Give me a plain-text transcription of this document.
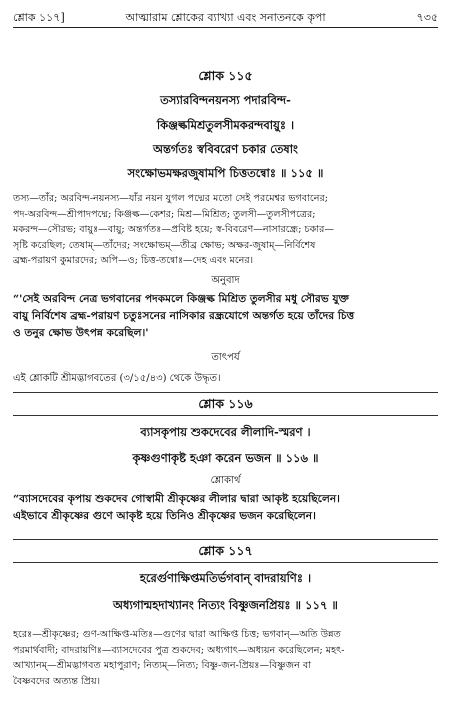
শ্লোক ১১৭]	আত্মারাম শ্লোকের ব্যাখ্যা এবং সনাতনকে কৃপা	৭৩৫
শ্লোক ১১৫
তস্যারবিন্দনয়নস্য পদারবিন্দ-
কিঞ্জল্কমিশ্রতুলসীমকরন্দবায়ুঃ ।
অন্তর্গতঃ স্ববিবরেণ চকার তেষাং
সংক্ষোভমক্ষরজুষামপি চিত্ততন্বোঃ ॥ ১১৫ ॥
তস্য—তাঁর; অরবিন্দ-নয়নস্য—যাঁর নয়ন যুগল পদ্মের মতো সেই পরমেশ্বর ভগবানের;
পদ-অরবিন্দ—শ্রীপাদপদ্মে; কিঞ্জল্ক—কেশর; মিশ্র—মিশ্রিত; তুলসী—তুলসীপত্রের;
মকরন্দ—সৌরভ; বায়ুঃ—বায়ু; অন্তর্গতঃ—প্রবিষ্ট হয়ে; স্ব-বিবরেণ—নাসারন্ধ্রে; চকার—
সৃষ্টি করেছিল; তেষাম্—তাঁদের; সংক্ষোভম্—তীব্র ক্ষোভ; অক্ষর-জুষাম্—নির্বিশেষ
ব্রহ্ম-পরায়ণ কুমারদের; অপি—ও; চিত্ত-তন্বোঃ—দেহ এবং মনের।
অনুবাদ
“'সেই অরবিন্দ নেত্র ভগবানের পদকমলে কিঞ্জল্ক মিশ্রিত তুলসীর মধু সৌরভ যুক্ত
বায়ু নির্বিশেষ ব্রহ্ম-পরায়ণ চতুঃসনের নাসিকার রন্ধ্রযোগে অন্তর্গত হয়ে তাঁদের চিত্ত
ও তনুর ক্ষোভ উৎপন্ন করেছিল।'
তাৎপর্য
এই শ্লোকটি শ্রীমদ্ভাগবতের (৩/১৫/৪৩) থেকে উদ্ধৃত।
শ্লোক ১১৬
ব্যাসকৃপায় শুকদেবের লীলাদি-স্মরণ ।
কৃষ্ণগুণাকৃষ্ট হঞা করেন ভজন ॥ ১১৬ ॥
শ্লোকার্থ
“ব্যাসদেবের কৃপায় শুকদেব গোস্বামী শ্রীকৃষ্ণের লীলার দ্বারা আকৃষ্ট হয়েছিলেন।
এইভাবে শ্রীকৃষ্ণের গুণে আকৃষ্ট হয়ে তিনিও শ্রীকৃষ্ণের ভজন করেছিলেন।
শ্লোক ১১৭
হরের্গুণাক্ষিপ্তমতির্ভগবান্ বাদরায়ণিঃ ।
অধ্যগান্মহদাখ্যানং নিত্যং বিষ্ণুজনপ্রিয়ঃ ॥ ১১৭ ॥
হরেঃ—শ্রীকৃষ্ণের; গুণ-আক্ষিপ্ত-মতিঃ—গুণের দ্বারা আক্ষিপ্ত চিত্ত; ভগবান্—অতি উন্নত
পরমার্থবাদী; বাদরায়ণিঃ—ব্যাসদেবের পুত্র শুকদেব; অধ্যগাৎ—অধ্যয়ন করেছিলেন; মহৎ-
আখ্যানম্—শ্রীমদ্ভাগবত মহাপুরাণ; নিত্যম্—নিত্য; বিষ্ণু-জন-প্রিয়ঃ—বিষ্ণুজন বা
বৈষ্ণবদের অত্যন্ত প্রিয়।
